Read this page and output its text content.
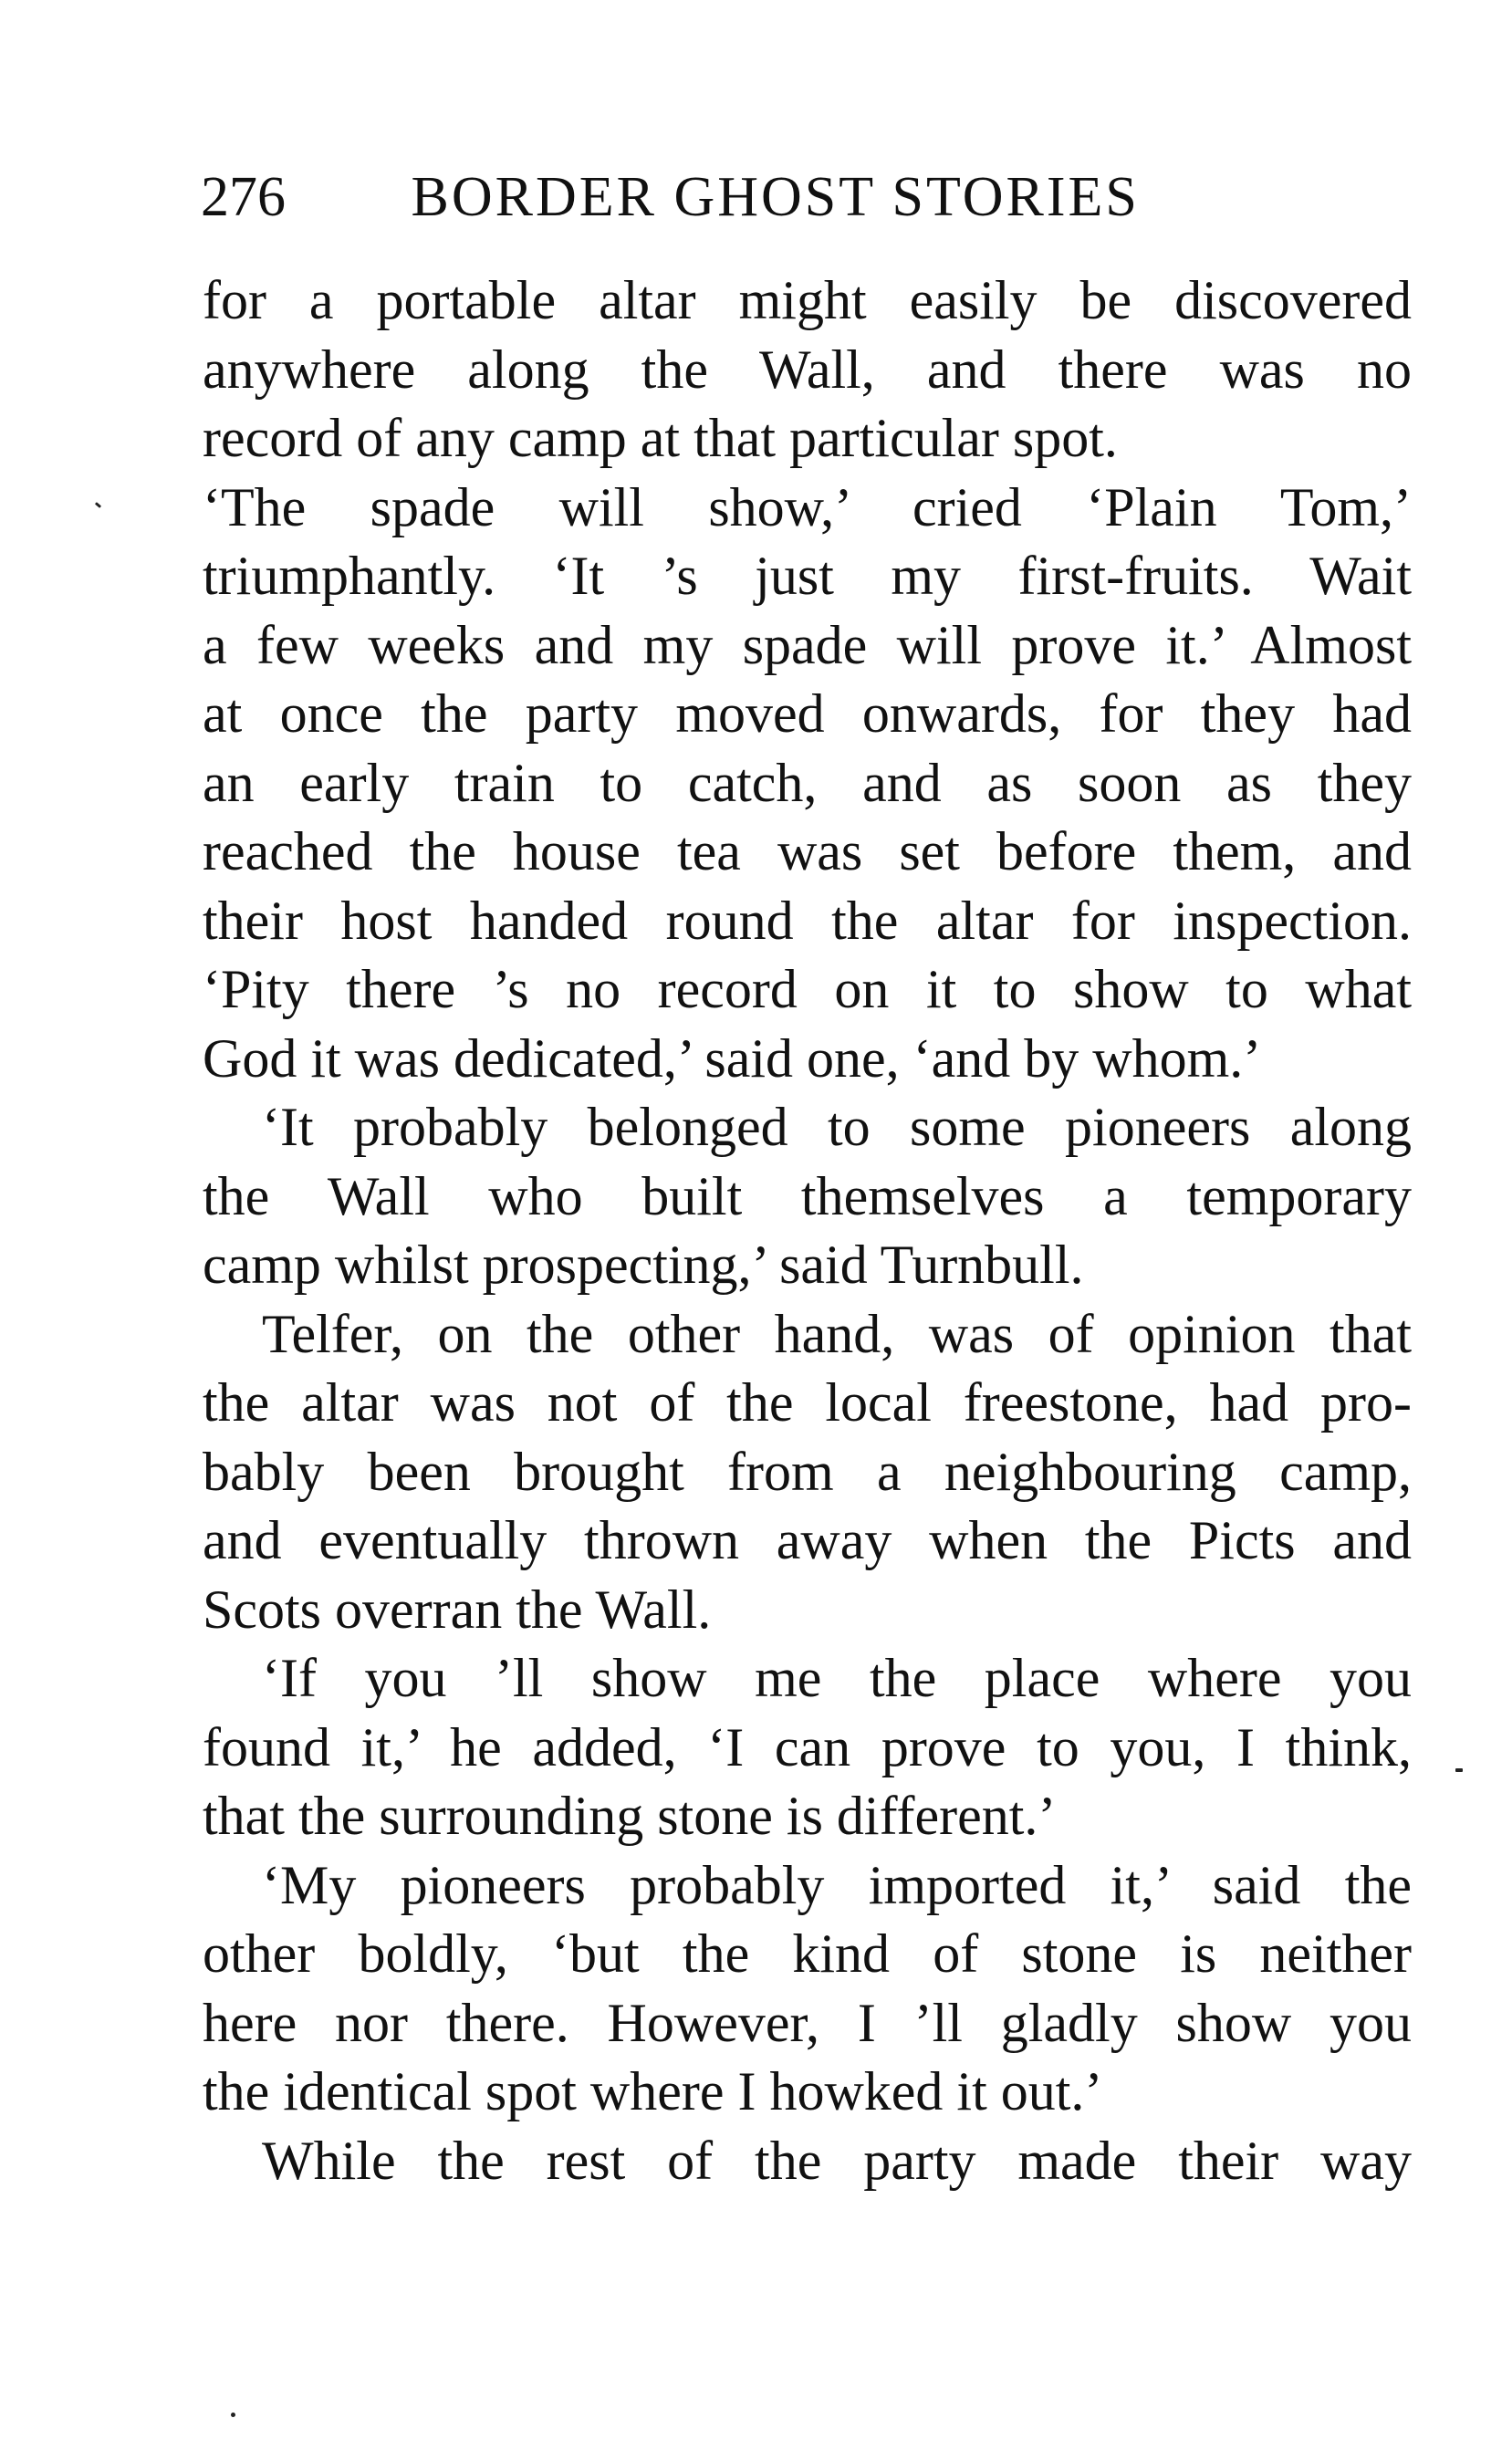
276 BORDER GHOST STORIES
for a portable altar might easily be discovered
anywhere along the Wall, and there was no
record of any camp at that particular spot.
‘The spade will show,’ cried ‘Plain Tom,’
triumphantly. ‘It ’s just my first-fruits. Wait
a few weeks and my spade will prove it.’ Almost
at once the party moved onwards, for they had
an early train to catch, and as soon as they
reached the house tea was set before them, and
their host handed round the altar for inspection.
‘Pity there ’s no record on it to show to what
God it was dedicated,’ said one, ‘and by whom.’
‘It probably belonged to some pioneers along
the Wall who built themselves a temporary
camp whilst prospecting,’ said Turnbull.
Telfer, on the other hand, was of opinion that
the altar was not of the local freestone, had pro-
bably been brought from a neighbouring camp,
and eventually thrown away when the Picts and
Scots overran the Wall.
‘If you ’ll show me the place where you
found it,’ he added, ‘I can prove to you, I think,
that the surrounding stone is different.’
‘My pioneers probably imported it,’ said the
other boldly, ‘but the kind of stone is neither
here nor there. However, I ’ll gladly show you
the identical spot where I howked it out.’
While the rest of the party made their way
